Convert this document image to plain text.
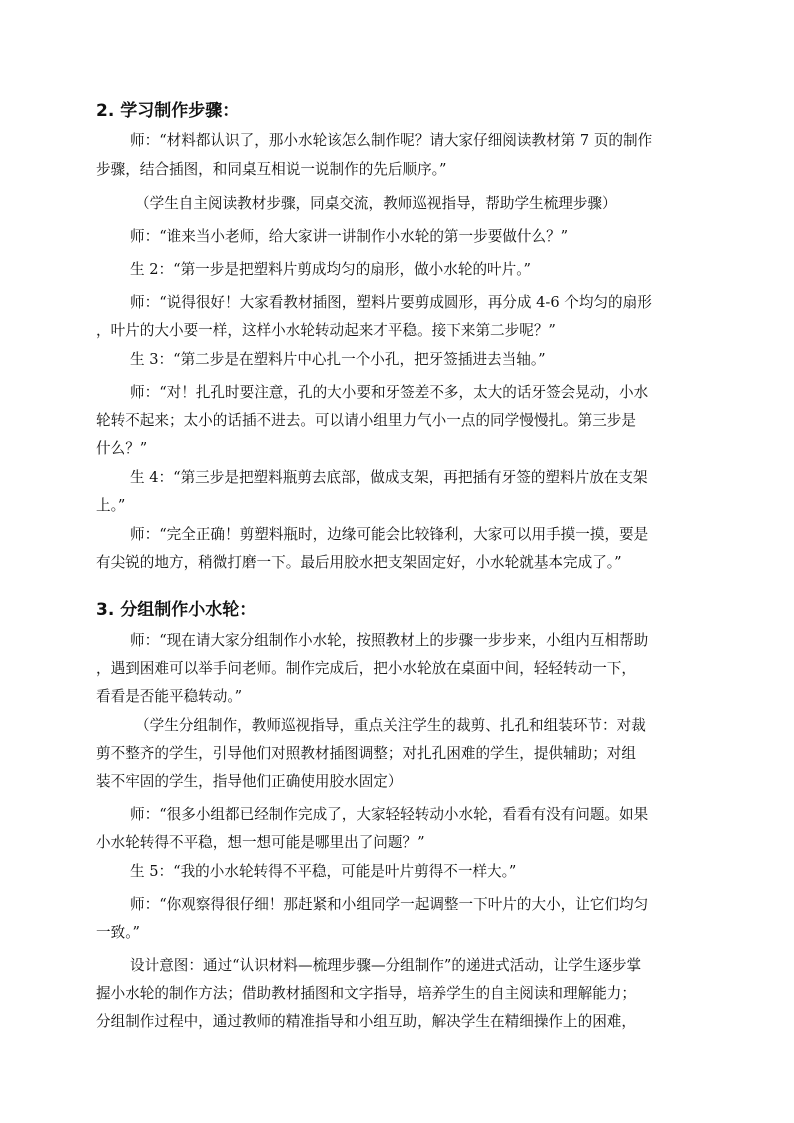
2. 学习制作步骤：
师：“材料都认识了，那小水轮该怎么制作呢？请大家仔细阅读教材第 7 页的制作
步骤，结合插图，和同桌互相说一说制作的先后顺序。”
（学生自主阅读教材步骤，同桌交流，教师巡视指导，帮助学生梳理步骤）
师：“谁来当小老师，给大家讲一讲制作小水轮的第一步要做什么？”
生 2：“第一步是把塑料片剪成均匀的扇形，做小水轮的叶片。”
师：“说得很好！大家看教材插图，塑料片要剪成圆形，再分成 4-6 个均匀的扇形
，叶片的大小要一样，这样小水轮转动起来才平稳。接下来第二步呢？”
生 3：“第二步是在塑料片中心扎一个小孔，把牙签插进去当轴。”
师：“对！扎孔时要注意，孔的大小要和牙签差不多，太大的话牙签会晃动，小水
轮转不起来；太小的话插不进去。可以请小组里力气小一点的同学慢慢扎。第三步是
什么？”
生 4：“第三步是把塑料瓶剪去底部，做成支架，再把插有牙签的塑料片放在支架
上。”
师：“完全正确！剪塑料瓶时，边缘可能会比较锋利，大家可以用手摸一摸，要是
有尖锐的地方，稍微打磨一下。最后用胶水把支架固定好，小水轮就基本完成了。”
3. 分组制作小水轮：
师：“现在请大家分组制作小水轮，按照教材上的步骤一步步来，小组内互相帮助
，遇到困难可以举手问老师。制作完成后，把小水轮放在桌面中间，轻轻转动一下，
看看是否能平稳转动。”
（学生分组制作，教师巡视指导，重点关注学生的裁剪、扎孔和组装环节：对裁
剪不整齐的学生，引导他们对照教材插图调整；对扎孔困难的学生，提供辅助；对组
装不牢固的学生，指导他们正确使用胶水固定）
师：“很多小组都已经制作完成了，大家轻轻转动小水轮，看看有没有问题。如果
小水轮转得不平稳，想一想可能是哪里出了问题？”
生 5：“我的小水轮转得不平稳，可能是叶片剪得不一样大。”
师：“你观察得很仔细！那赶紧和小组同学一起调整一下叶片的大小，让它们均匀
一致。”
设计意图：通过“认识材料—梳理步骤—分组制作”的递进式活动，让学生逐步掌
握小水轮的制作方法；借助教材插图和文字指导，培养学生的自主阅读和理解能力；
分组制作过程中，通过教师的精准指导和小组互助，解决学生在精细操作上的困难，
